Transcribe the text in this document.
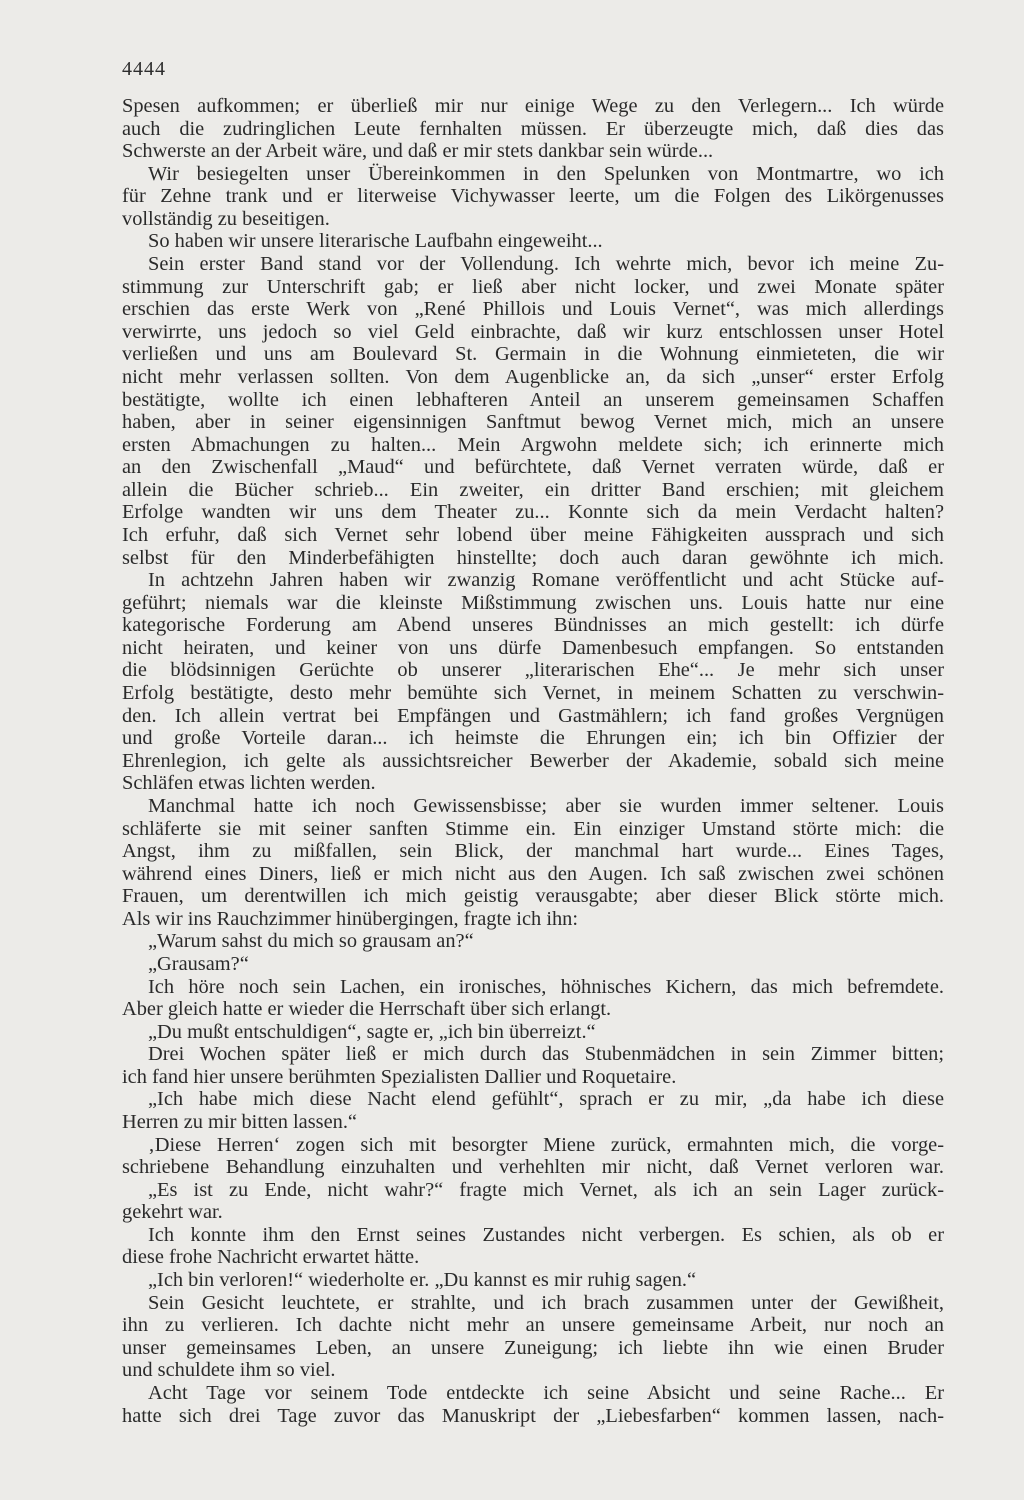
4444
Spesen aufkommen; er überließ mir nur einige Wege zu den Verlegern... Ich würde
auch die zudringlichen Leute fernhalten müssen. Er überzeugte mich, daß dies das
Schwerste an der Arbeit wäre, und daß er mir stets dankbar sein würde...
Wir besiegelten unser Übereinkommen in den Spelunken von Montmartre, wo ich
für Zehne trank und er literweise Vichywasser leerte, um die Folgen des Likörgenusses
vollständig zu beseitigen.
So haben wir unsere literarische Laufbahn eingeweiht...
Sein erster Band stand vor der Vollendung. Ich wehrte mich, bevor ich meine Zu-
stimmung zur Unterschrift gab; er ließ aber nicht locker, und zwei Monate später
erschien das erste Werk von „René Phillois und Louis Vernet“, was mich allerdings
verwirrte, uns jedoch so viel Geld einbrachte, daß wir kurz entschlossen unser Hotel
verließen und uns am Boulevard St. Germain in die Wohnung einmieteten, die wir
nicht mehr verlassen sollten. Von dem Augenblicke an, da sich „unser“ erster Erfolg
bestätigte, wollte ich einen lebhafteren Anteil an unserem gemeinsamen Schaffen
haben, aber in seiner eigensinnigen Sanftmut bewog Vernet mich, mich an unsere
ersten Abmachungen zu halten... Mein Argwohn meldete sich; ich erinnerte mich
an den Zwischenfall „Maud“ und befürchtete, daß Vernet verraten würde, daß er
allein die Bücher schrieb... Ein zweiter, ein dritter Band erschien; mit gleichem
Erfolge wandten wir uns dem Theater zu... Konnte sich da mein Verdacht halten?
Ich erfuhr, daß sich Vernet sehr lobend über meine Fähigkeiten aussprach und sich
selbst für den Minderbefähigten hinstellte; doch auch daran gewöhnte ich mich.
In achtzehn Jahren haben wir zwanzig Romane veröffentlicht und acht Stücke auf-
geführt; niemals war die kleinste Mißstimmung zwischen uns. Louis hatte nur eine
kategorische Forderung am Abend unseres Bündnisses an mich gestellt: ich dürfe
nicht heiraten, und keiner von uns dürfe Damenbesuch empfangen. So entstanden
die blödsinnigen Gerüchte ob unserer „literarischen Ehe“... Je mehr sich unser
Erfolg bestätigte, desto mehr bemühte sich Vernet, in meinem Schatten zu verschwin-
den. Ich allein vertrat bei Empfängen und Gastmählern; ich fand großes Vergnügen
und große Vorteile daran... ich heimste die Ehrungen ein; ich bin Offizier der
Ehrenlegion, ich gelte als aussichtsreicher Bewerber der Akademie, sobald sich meine
Schläfen etwas lichten werden.
Manchmal hatte ich noch Gewissensbisse; aber sie wurden immer seltener. Louis
schläferte sie mit seiner sanften Stimme ein. Ein einziger Umstand störte mich: die
Angst, ihm zu mißfallen, sein Blick, der manchmal hart wurde... Eines Tages,
während eines Diners, ließ er mich nicht aus den Augen. Ich saß zwischen zwei schönen
Frauen, um derentwillen ich mich geistig verausgabte; aber dieser Blick störte mich.
Als wir ins Rauchzimmer hinübergingen, fragte ich ihn:
„Warum sahst du mich so grausam an?“
„Grausam?“
Ich höre noch sein Lachen, ein ironisches, höhnisches Kichern, das mich befremdete.
Aber gleich hatte er wieder die Herrschaft über sich erlangt.
„Du mußt entschuldigen“, sagte er, „ich bin überreizt.“
Drei Wochen später ließ er mich durch das Stubenmädchen in sein Zimmer bitten;
ich fand hier unsere berühmten Spezialisten Dallier und Roquetaire.
„Ich habe mich diese Nacht elend gefühlt“, sprach er zu mir, „da habe ich diese
Herren zu mir bitten lassen.“
‚Diese Herren‘ zogen sich mit besorgter Miene zurück, ermahnten mich, die vorge-
schriebene Behandlung einzuhalten und verhehlten mir nicht, daß Vernet verloren war.
„Es ist zu Ende, nicht wahr?“ fragte mich Vernet, als ich an sein Lager zurück-
gekehrt war.
Ich konnte ihm den Ernst seines Zustandes nicht verbergen. Es schien, als ob er
diese frohe Nachricht erwartet hätte.
„Ich bin verloren!“ wiederholte er. „Du kannst es mir ruhig sagen.“
Sein Gesicht leuchtete, er strahlte, und ich brach zusammen unter der Gewißheit,
ihn zu verlieren. Ich dachte nicht mehr an unsere gemeinsame Arbeit, nur noch an
unser gemeinsames Leben, an unsere Zuneigung; ich liebte ihn wie einen Bruder
und schuldete ihm so viel.
Acht Tage vor seinem Tode entdeckte ich seine Absicht und seine Rache... Er
hatte sich drei Tage zuvor das Manuskript der „Liebesfarben“ kommen lassen, nach-
